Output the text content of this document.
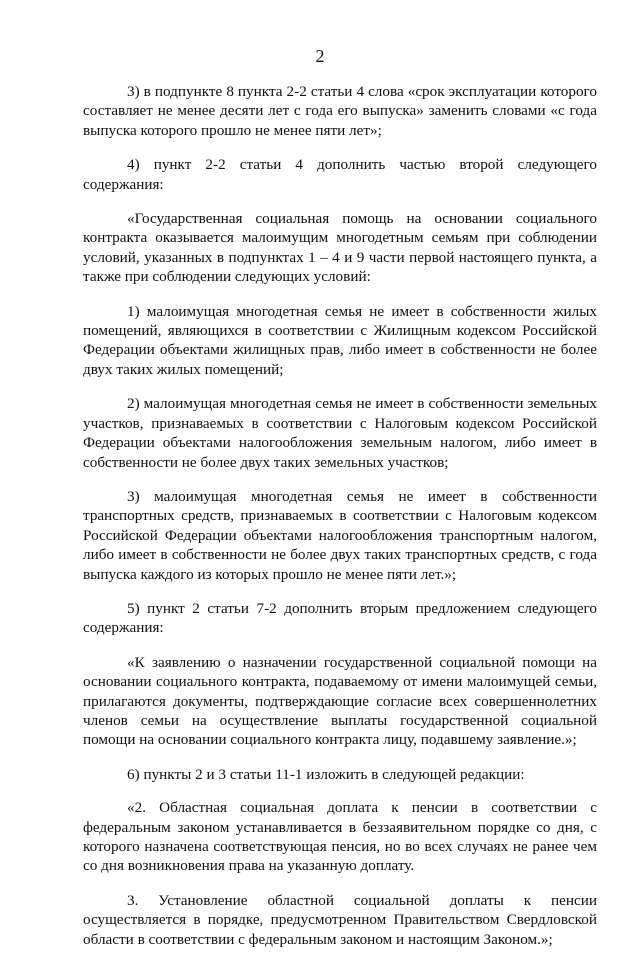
2

3) в подпункте 8 пункта 2-2 статьи 4 слова «срок эксплуатации которого составляет не менее десяти лет с года его выпуска» заменить словами «с года выпуска которого прошло не менее пяти лет»;

4) пункт 2-2 статьи 4 дополнить частью второй следующего содержания:

«Государственная социальная помощь на основании социального контракта оказывается малоимущим многодетным семьям при соблюдении условий, указанных в подпунктах 1 – 4 и 9 части первой настоящего пункта, а также при соблюдении следующих условий:

1) малоимущая многодетная семья не имеет в собственности жилых помещений, являющихся в соответствии с Жилищным кодексом Российской Федерации объектами жилищных прав, либо имеет в собственности не более двух таких жилых помещений;

2) малоимущая многодетная семья не имеет в собственности земельных участков, признаваемых в соответствии с Налоговым кодексом Российской Федерации объектами налогообложения земельным налогом, либо имеет в собственности не более двух таких земельных участков;

3) малоимущая многодетная семья не имеет в собственности транспортных средств, признаваемых в соответствии с Налоговым кодексом Российской Федерации объектами налогообложения транспортным налогом, либо имеет в собственности не более двух таких транспортных средств, с года выпуска каждого из которых прошло не менее пяти лет.»;

5) пункт 2 статьи 7-2 дополнить вторым предложением следующего содержания:

«К заявлению о назначении государственной социальной помощи на основании социального контракта, подаваемому от имени малоимущей семьи, прилагаются документы, подтверждающие согласие всех совершеннолетних членов семьи на осуществление выплаты государственной социальной помощи на основании социального контракта лицу, подавшему заявление.»;

6) пункты 2 и 3 статьи 11-1 изложить в следующей редакции:

«2. Областная социальная доплата к пенсии в соответствии с федеральным законом устанавливается в беззаявительном порядке со дня, с которого назначена соответствующая пенсия, но во всех случаях не ранее чем со дня возникновения права на указанную доплату.

3. Установление областной социальной доплаты к пенсии осуществляется в порядке, предусмотренном Правительством Свердловской области в соответствии с федеральным законом и настоящим Законом.»;
